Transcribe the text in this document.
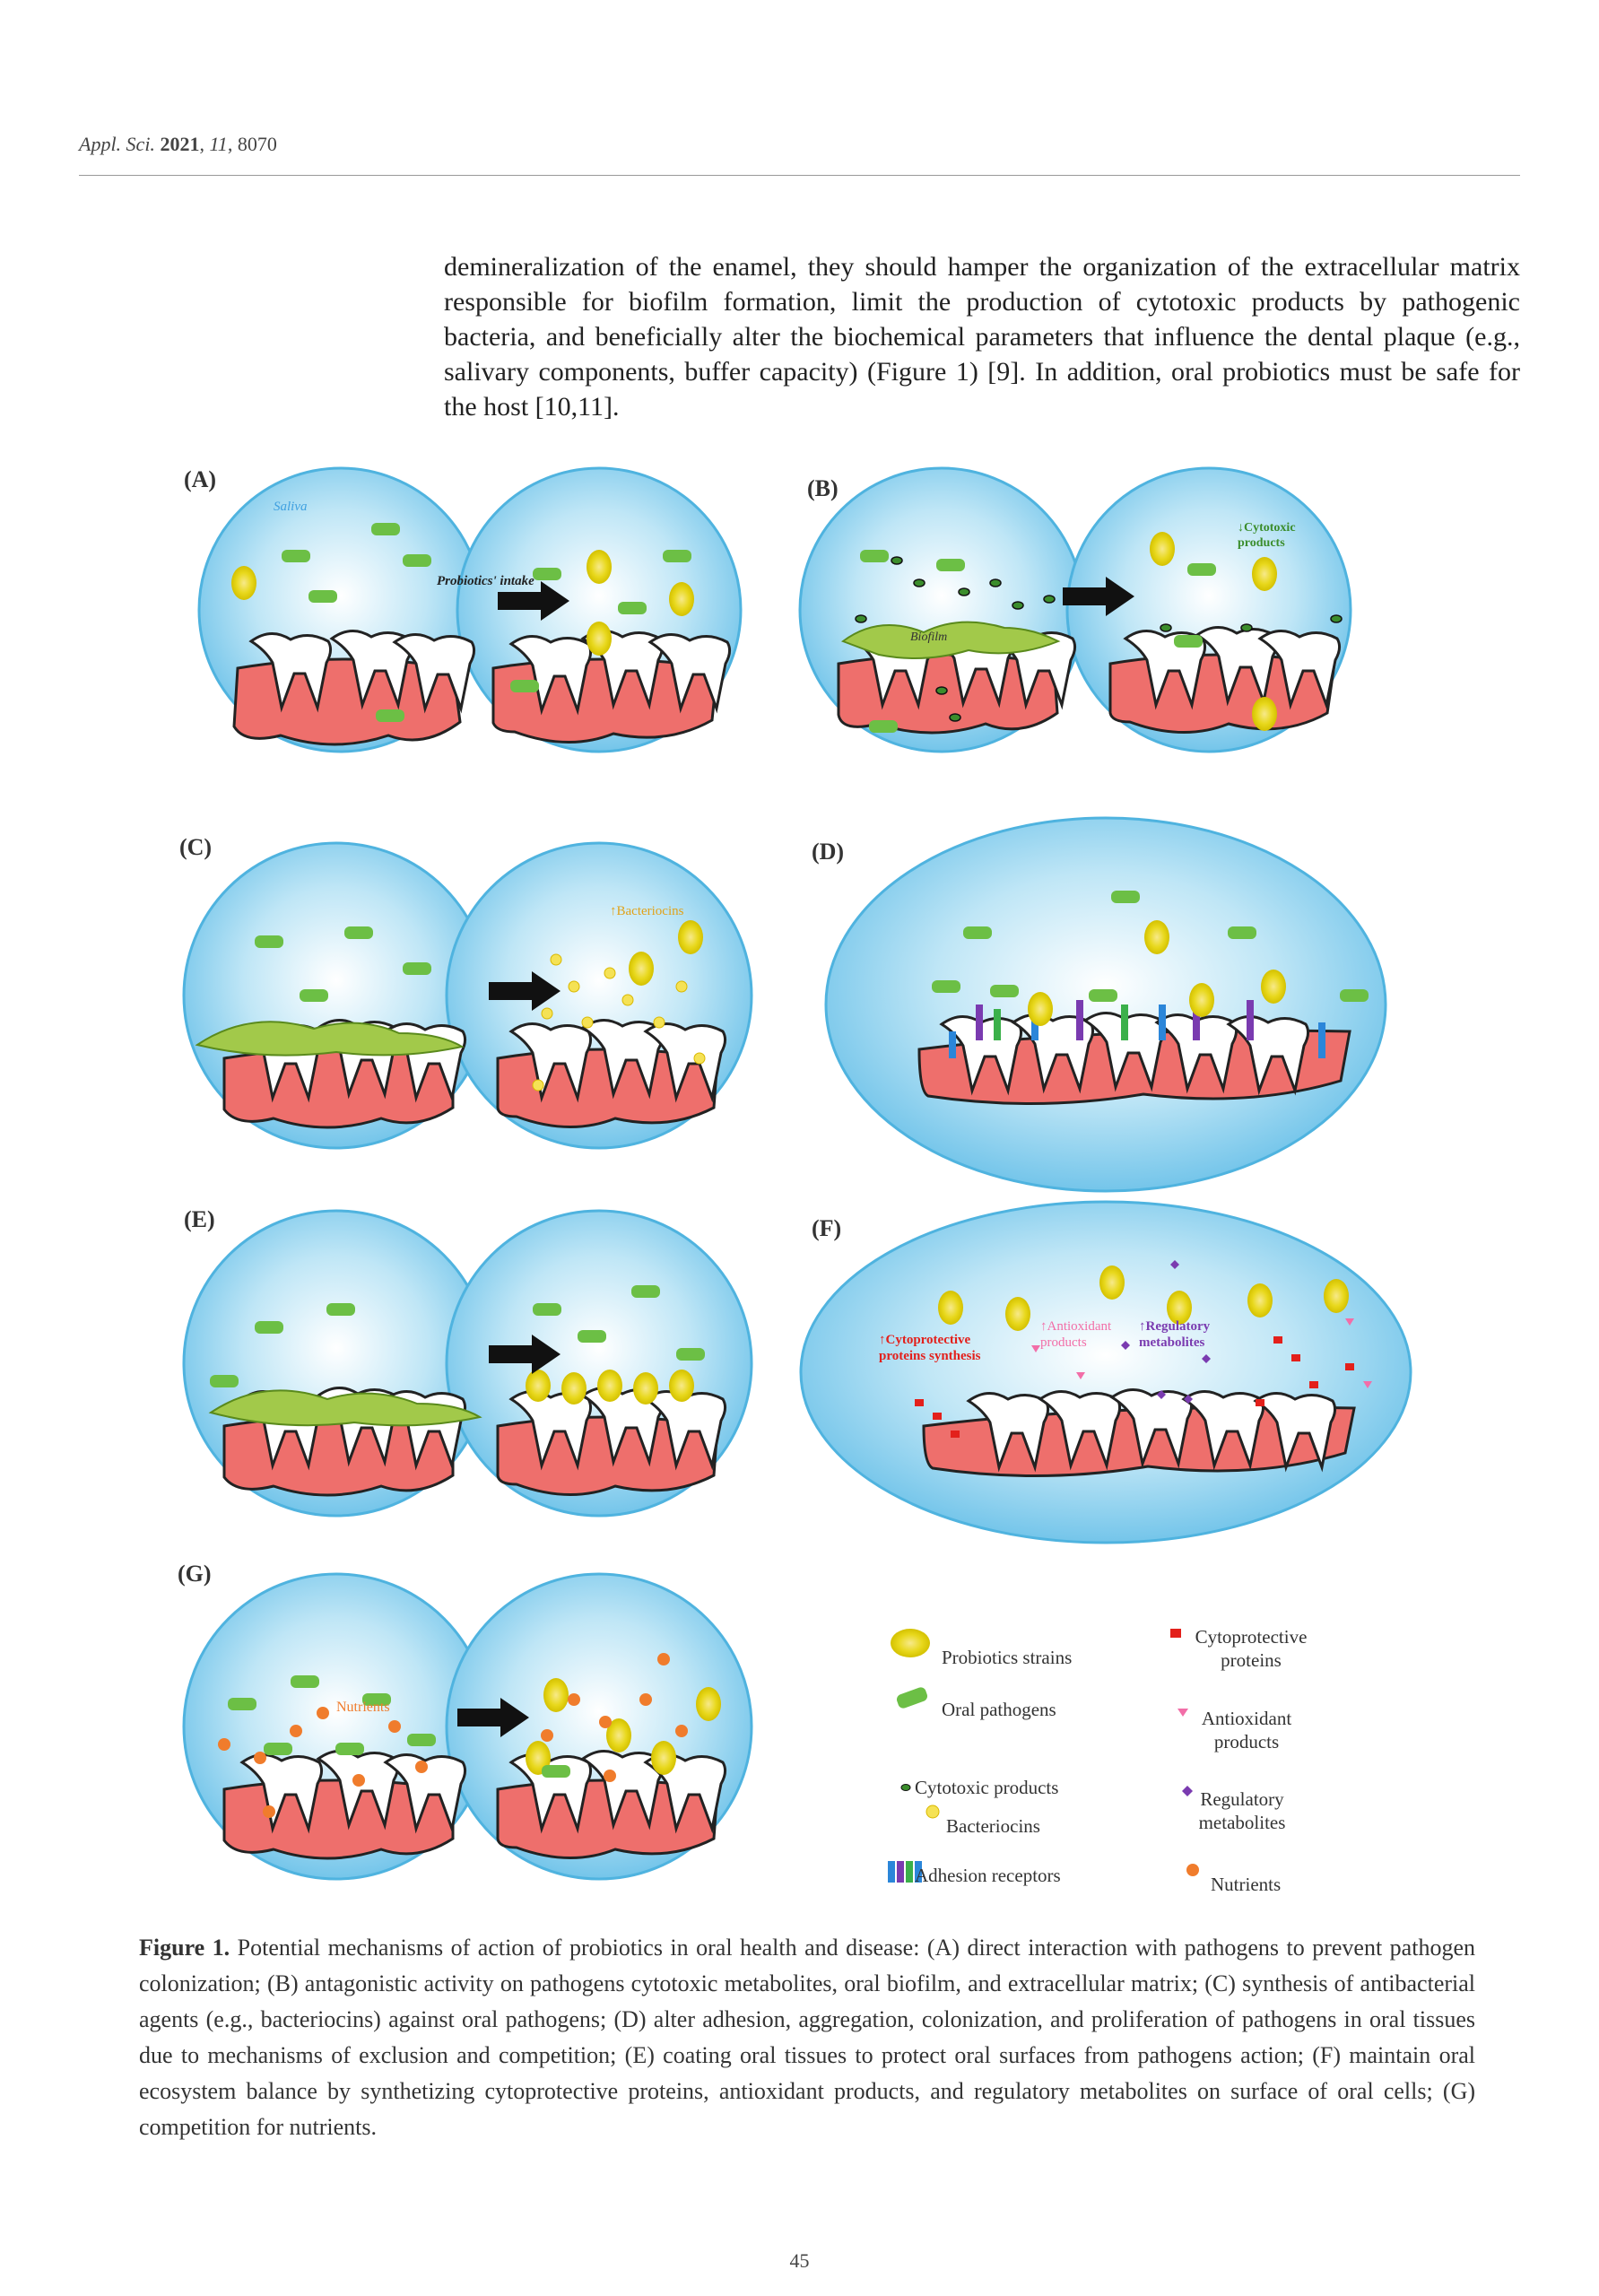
Appl. Sci. 2021, 11, 8070
demineralization of the enamel, they should hamper the organization of the extracellular matrix responsible for biofilm formation, limit the production of cytotoxic products by pathogenic bacteria, and beneficially alter the biochemical parameters that influence the dental plaque (e.g., salivary components, buffer capacity) (Figure 1) [9]. In addition, oral probiotics must be safe for the host [10,11].
(A)	(B)
(C)	(D)
(E)	(F)
(G)
Saliva
Probiotics' intake
Biofilm
↓Cytotoxic products
↑Bacteriocins
↑Cytoprotective proteins synthesis
↑Antioxidant products
↑Regulatory metabolites
Nutrients
Probiotics strains
Oral pathogens
Cytotoxic products
Bacteriocins
Adhesion receptors
Cytoprotective proteins
Antioxidant products
Regulatory metabolites
Nutrients
Figure 1. Potential mechanisms of action of probiotics in oral health and disease: (A) direct interaction with pathogens to prevent pathogen colonization; (B) antagonistic activity on pathogens cytotoxic metabolites, oral biofilm, and extracellular matrix; (C) synthesis of antibacterial agents (e.g., bacteriocins) against oral pathogens; (D) alter adhesion, aggregation, colonization, and proliferation of pathogens in oral tissues due to mechanisms of exclusion and competition; (E) coating oral tissues to protect oral surfaces from pathogens action; (F) maintain oral ecosystem balance by synthetizing cytoprotective proteins, antioxidant products, and regulatory metabolites on surface of oral cells; (G) competition for nutrients.
45
